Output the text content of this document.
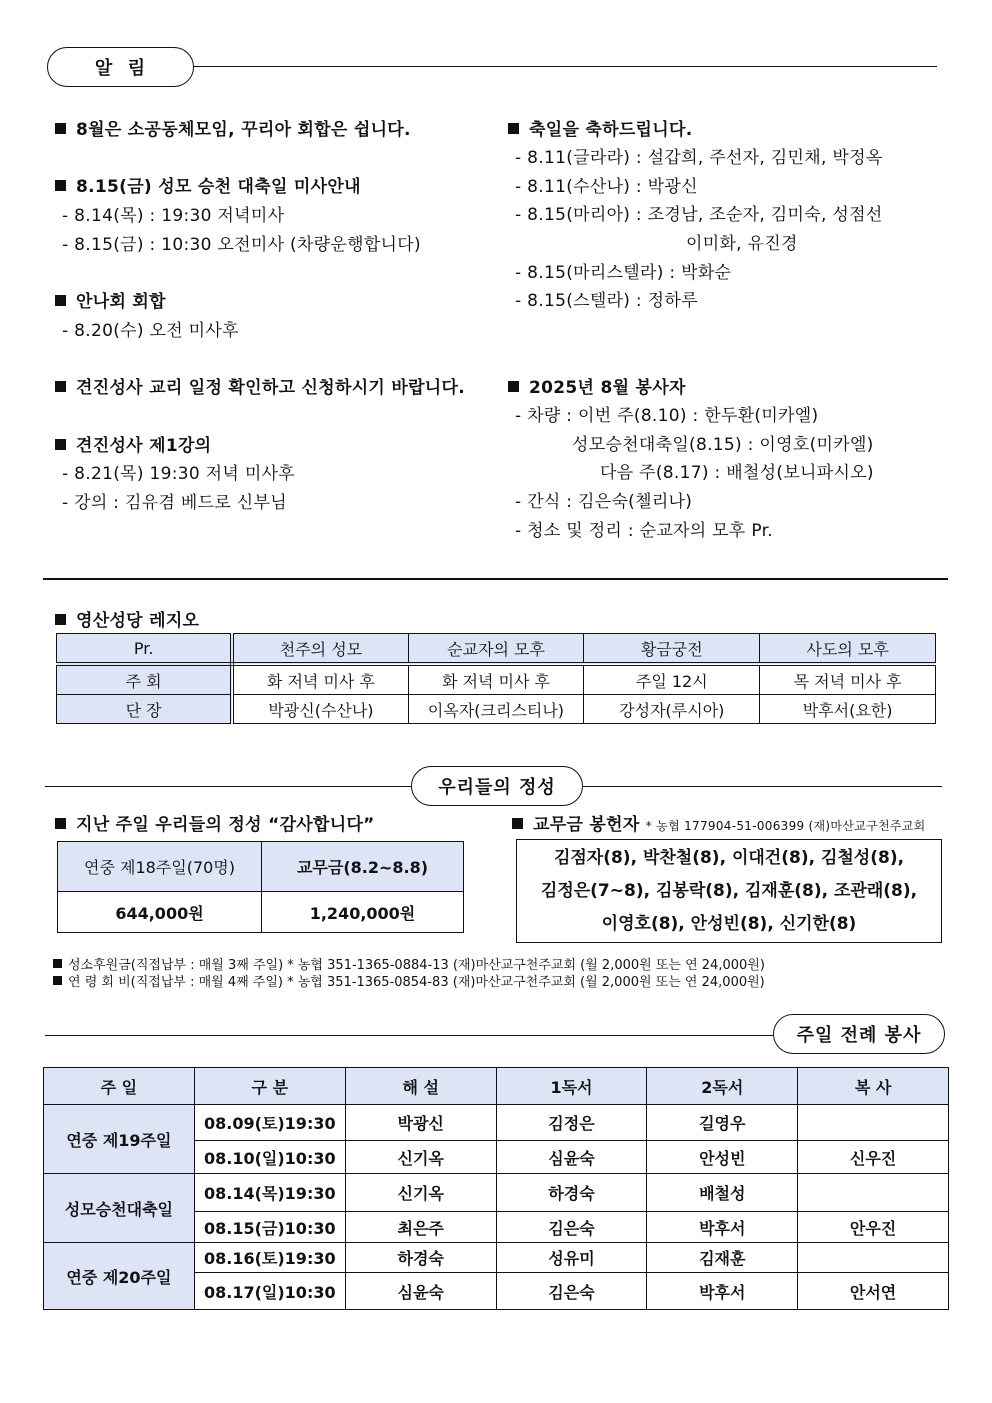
알  림
8월은 소공동체모임, 꾸리아 회합은 쉽니다.
8.15(금) 성모 승천 대축일 미사안내
- 8.14(목) : 19:30 저녁미사
- 8.15(금) : 10:30 오전미사 (차량운행합니다)
안나회 회합
- 8.20(수) 오전 미사후
견진성사 교리 일정 확인하고 신청하시기 바랍니다.
견진성사 제1강의
- 8.21(목) 19:30 저녁 미사후
- 강의 : 김유겸 베드로 신부님
축일을 축하드립니다.
- 8.11(글라라) : 설갑희, 주선자, 김민채, 박정옥
- 8.11(수산나) : 박광신
- 8.15(마리아) : 조경남, 조순자, 김미숙, 성점선
이미화, 유진경
- 8.15(마리스텔라) : 박화순
- 8.15(스텔라) : 정하루
2025년 8월 봉사자
- 차량 : 이번 주(8.10) : 한두환(미카엘)
성모승천대축일(8.15) : 이영호(미카엘)
다음 주(8.17) : 배철성(보니파시오)
- 간식 : 김은숙(첼리나)
- 청소 및 정리 : 순교자의 모후 Pr.
영산성당 레지오
Pr.	천주의 성모	순교자의 모후	황금궁전	사도의 모후
주 회	화 저녁 미사 후	화 저녁 미사 후	주일 12시	목 저녁 미사 후
단 장	박광신(수산나)	이옥자(크리스티나)	강성자(루시아)	박후서(요한)
우리들의 정성
지난 주일 우리들의 정성 “감사합니다”
연중 제18주일(70명)	교무금(8.2~8.8)
644,000원	1,240,000원
교무금 봉헌자 * 농협 177904-51-006399 (재)마산교구천주교회
김점자(8), 박찬철(8), 이대건(8), 김철성(8),
김정은(7~8), 김봉락(8), 김재훈(8), 조관래(8),
이영호(8), 안성빈(8), 신기한(8)
성소후원금(직접납부 : 매월 3째 주일) * 농협 351-1365-0884-13 (재)마산교구천주교회 (월 2,000원 또는 연 24,000원)
연 령 회 비(직접납부 : 매월 4째 주일) * 농협 351-1365-0854-83 (재)마산교구천주교회 (월 2,000원 또는 연 24,000원)
주일 전례 봉사
주 일	구 분	해 설	1독서	2독서	복 사
연중 제19주일	08.09(토)19:30	박광신	김정은	길영우	
	08.10(일)10:30	신기옥	심윤숙	안성빈	신우진
성모승천대축일	08.14(목)19:30	신기옥	하경숙	배철성	
	08.15(금)10:30	최은주	김은숙	박후서	안우진
연중 제20주일	08.16(토)19:30	하경숙	성유미	김재훈	
	08.17(일)10:30	심윤숙	김은숙	박후서	안서연
